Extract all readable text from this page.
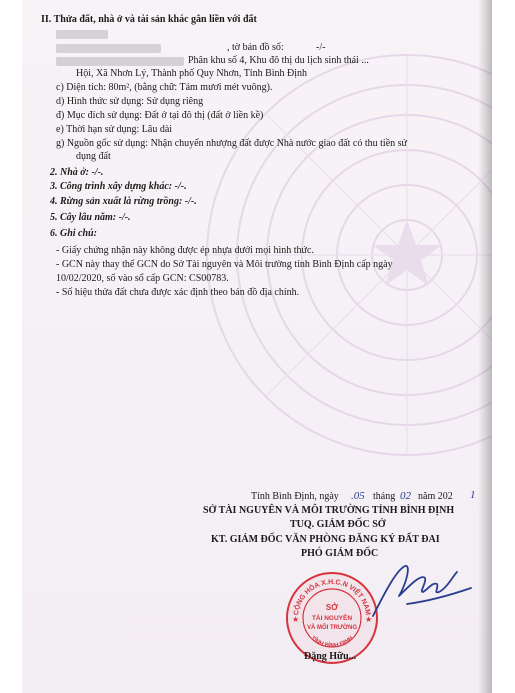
II. Thửa đất, nhà ở và tài sản khác gắn liền với đất
, tờ bản đồ số:	-/-
Phân khu số 4, Khu đô thị du lịch sinh thái ...
Hội, Xã Nhơn Lý, Thành phố Quy Nhơn, Tỉnh Bình Định
c) Diện tích: 80m², (bằng chữ: Tám mươi mét vuông).
d) Hình thức sử dụng: Sử dụng riêng
đ) Mục đích sử dụng: Đất ở tại đô thị (đất ở liền kề)
e) Thời hạn sử dụng: Lâu dài
g) Nguồn gốc sử dụng: Nhận chuyển nhượng đất được Nhà nước giao đất có thu tiền sử
dụng đất
2. Nhà ở: -/-.
3. Công trình xây dựng khác: -/-.
4. Rừng sản xuất là rừng trồng: -/-.
5. Cây lâu năm: -/-.
6. Ghi chú:
- Giấy chứng nhận này không được ép nhựa dưới mọi hình thức.
- GCN này thay thế GCN do Sở Tài nguyên và Môi trường tỉnh Bình Định cấp ngày
10/02/2020, số vào sổ cấp GCN: CS00783.
- Số hiệu thửa đất chưa được xác định theo bản đồ địa chính.
Tỉnh Bình Định, ngày .05 tháng 02 năm 202 1
SỞ TÀI NGUYÊN VÀ MÔI TRƯỜNG TỈNH BÌNH ĐỊNH
TUQ. GIÁM ĐỐC SỞ
KT. GIÁM ĐỐC VĂN PHÒNG ĐĂNG KÝ ĐẤT ĐAI
PHÓ GIÁM ĐỐC
CỘNG HÒA X.H.C.N VIỆT NAM
SỞ
TÀI NGUYÊN
VÀ MÔI TRƯỜNG
TỈNH BÌNH ĐỊNH
★	★
Đặng Hữu...
